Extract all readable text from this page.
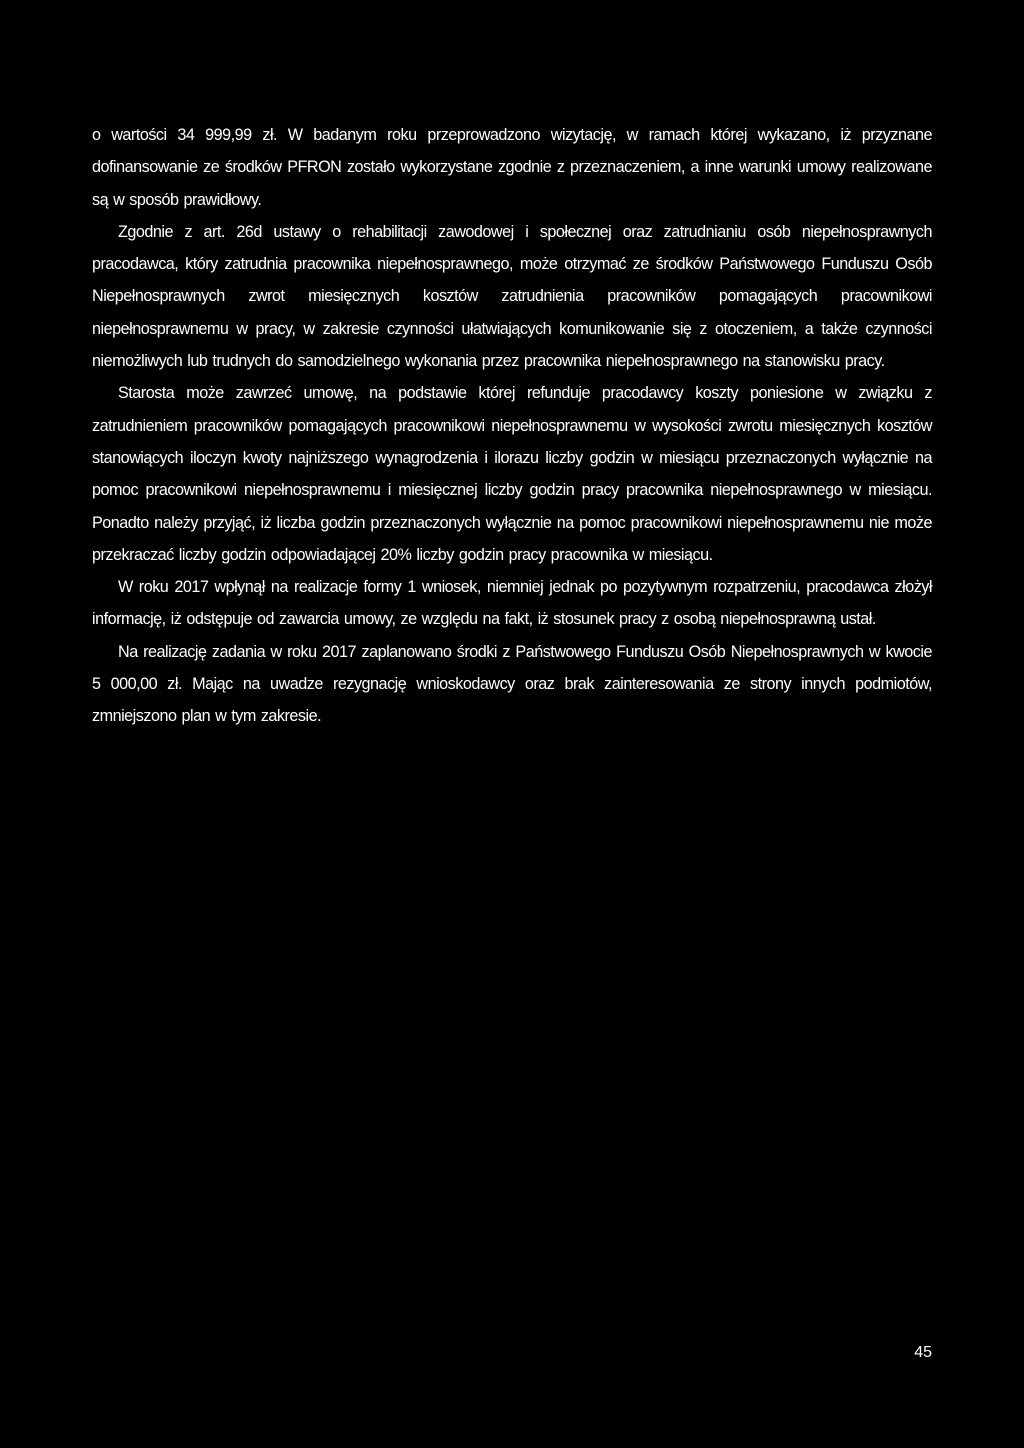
o wartości 34 999,99 zł. W badanym roku przeprowadzono wizytację, w ramach której wykazano, iż przyznane dofinansowanie ze środków PFRON zostało wykorzystane zgodnie z przeznaczeniem, a inne warunki umowy realizowane są w sposób prawidłowy.

Zgodnie z art. 26d ustawy o rehabilitacji zawodowej i społecznej oraz zatrudnianiu osób niepełnosprawnych pracodawca, który zatrudnia pracownika niepełnosprawnego, może otrzymać ze środków Państwowego Funduszu Osób Niepełnosprawnych zwrot miesięcznych kosztów zatrudnienia pracowników pomagających pracownikowi niepełnosprawnemu w pracy, w zakresie czynności ułatwiających komunikowanie się z otoczeniem, a także czynności niemożliwych lub trudnych do samodzielnego wykonania przez pracownika niepełnosprawnego na stanowisku pracy.

Starosta może zawrzeć umowę, na podstawie której refunduje pracodawcy koszty poniesione w związku z zatrudnieniem pracowników pomagających pracownikowi niepełnosprawnemu w wysokości zwrotu miesięcznych kosztów stanowiących iloczyn kwoty najniższego wynagrodzenia i ilorazu liczby godzin w miesiącu przeznaczonych wyłącznie na pomoc pracownikowi niepełnosprawnemu i miesięcznej liczby godzin pracy pracownika niepełnosprawnego w miesiącu. Ponadto należy przyjąć, iż liczba godzin przeznaczonych wyłącznie na pomoc pracownikowi niepełnosprawnemu nie może przekraczać liczby godzin odpowiadającej 20% liczby godzin pracy pracownika w miesiącu.

W roku 2017 wpłynął na realizacje formy 1 wniosek, niemniej jednak po pozytywnym rozpatrzeniu, pracodawca złożył informację, iż odstępuje od zawarcia umowy, ze względu na fakt, iż stosunek pracy z osobą niepełnosprawną ustał.

Na realizację zadania w roku 2017 zaplanowano środki z Państwowego Funduszu Osób Niepełnosprawnych w kwocie 5 000,00 zł. Mając na uwadze rezygnację wnioskodawcy oraz brak zainteresowania ze strony innych podmiotów, zmniejszono plan w tym zakresie.

45
